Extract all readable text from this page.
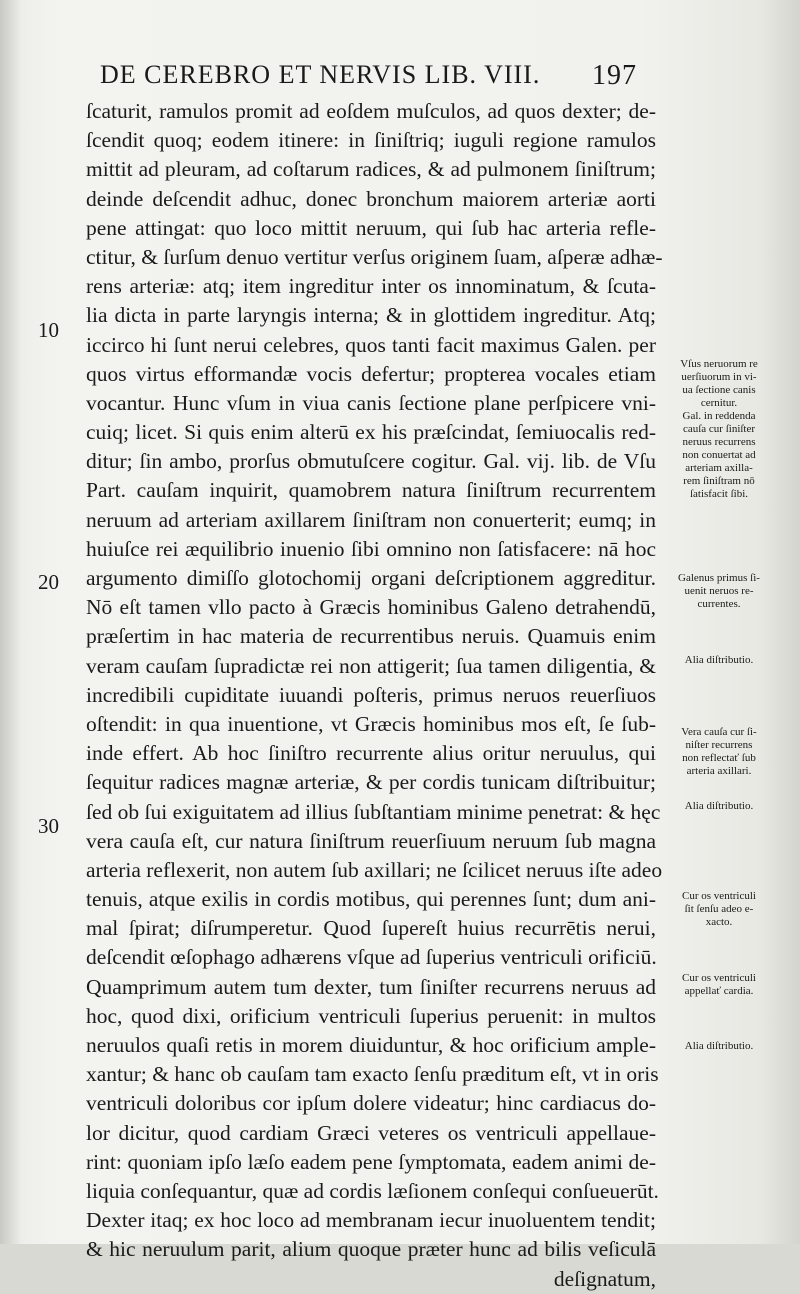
DE CEREBRO ET NERVIS LIB. VIII. 197
10
20
30
ſcaturit, ramulos promit ad eoſdem muſculos, ad quos dexter; de-
ſcendit quoq; eodem itinere: in ſiniſtriq; iuguli regione ramulos
mittit ad pleuram, ad coſtarum radices, & ad pulmonem ſiniſtrum;
deinde deſcendit adhuc, donec bronchum maiorem arteriæ aorti
pene attingat: quo loco mittit neruum, qui ſub hac arteria refle-
ctitur, & ſurſum denuo vertitur verſus originem ſuam, aſperæ adhæ-
rens arteriæ: atq; item ingreditur inter os innominatum, & ſcuta-
lia dicta in parte laryngis interna; & in glottidem ingreditur. Atq;
iccirco hi ſunt nerui celebres, quos tanti facit maximus Galen. per
quos virtus efformandæ vocis defertur; propterea vocales etiam
vocantur. Hunc vſum in viua canis ſectione plane perſpicere vni-
cuiq; licet. Si quis enim alterū ex his præſcindat, ſemiuocalis red-
ditur; ſin ambo, prorſus obmutuſcere cogitur. Gal. vij. lib. de Vſu
Part. cauſam inquirit, quamobrem natura ſiniſtrum recurrentem
neruum ad arteriam axillarem ſiniſtram non conuerterit; eumq; in
huiuſce rei æquilibrio inuenio ſibi omnino non ſatisfacere: nā hoc
argumento dimiſſo glotochomij organi deſcriptionem aggreditur.
Nō eſt tamen vllo pacto à Græcis hominibus Galeno detrahendū,
præſertim in hac materia de recurrentibus neruis. Quamuis enim
veram cauſam ſupradictæ rei non attigerit; ſua tamen diligentia, &
incredibili cupiditate iuuandi poſteris, primus neruos reuerſiuos
oſtendit: in qua inuentione, vt Græcis hominibus mos eſt, ſe ſub-
inde effert. Ab hoc ſiniſtro recurrente alius oritur neruulus, qui
ſequitur radices magnæ arteriæ, & per cordis tunicam diſtribuitur;
ſed ob ſui exiguitatem ad illius ſubſtantiam minime penetrat: & hęc
vera cauſa eſt, cur natura ſiniſtrum reuerſiuum neruum ſub magna
arteria reflexerit, non autem ſub axillari; ne ſcilicet neruus iſte adeo
tenuis, atque exilis in cordis motibus, qui perennes ſunt; dum ani-
mal ſpirat; diſrumperetur. Quod ſupereſt huius recurrētis nerui,
deſcendit œſophago adhærens vſque ad ſuperius ventriculi orificiū.
Quamprimum autem tum dexter, tum ſiniſter recurrens neruus ad
hoc, quod dixi, orificium ventriculi ſuperius peruenit: in multos
neruulos quaſi retis in morem diuiduntur, & hoc orificium ample-
xantur; & hanc ob cauſam tam exacto ſenſu præditum eſt, vt in oris
ventriculi doloribus cor ipſum dolere videatur; hinc cardiacus do-
lor dicitur, quod cardiam Græci veteres os ventriculi appellaue-
rint: quoniam ipſo læſo eadem pene ſymptomata, eadem animi de-
liquia conſequantur, quæ ad cordis læſionem conſequi conſueuerūt.
Dexter itaq; ex hoc loco ad membranam iecur inuoluentem tendit;
& hic neruulum parit, alium quoque præter hunc ad bilis veſiculā
deſignatum,
Vſus neruorum re
uerſiuorum in vi-
ua ſectione canis
cernitur.
Gal. in reddenda
cauſa cur ſiniſter
neruus recurrens
non conuertat ad
arteriam axilla-
rem ſiniſtram nō
ſatisfacit ſibi.
Galenus primus ſi-
uenit neruos re-
currentes.
Alia diſtributio.
Vera cauſa cur ſi-
niſter recurrens
non reflectať ſub
arteria axillari.
Alia diſtributio.
Cur os ventriculi
ſit ſenſu adeo e-
xacto.
Cur os ventriculi
appellať cardia.
Alia diſtributio.
